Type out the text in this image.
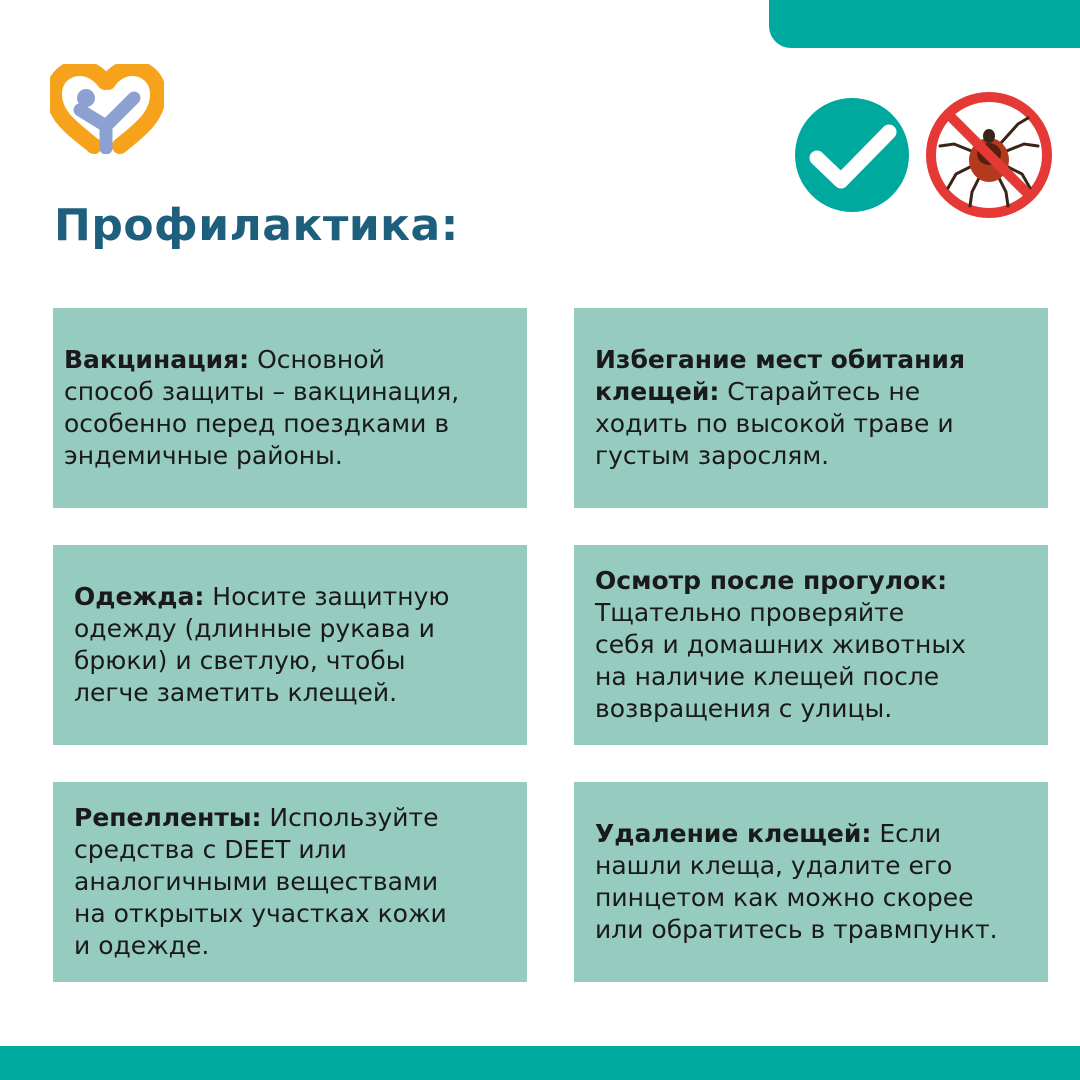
Профилактика:

Вакцинация: Основной
способ защиты – вакцинация,
особенно перед поездками в
эндемичные районы.

Избегание мест обитания
клещей: Старайтесь не
ходить по высокой траве и
густым зарослям.

Одежда: Носите защитную
одежду (длинные рукава и
брюки) и светлую, чтобы
легче заметить клещей.

Осмотр после прогулок:
Тщательно проверяйте
себя и домашних животных
на наличие клещей после
возвращения с улицы.

Репелленты: Используйте
средства с DEET или
аналогичными веществами
на открытых участках кожи
и одежде.

Удаление клещей: Если
нашли клеща, удалите его
пинцетом как можно скорее
или обратитесь в травмпункт.
